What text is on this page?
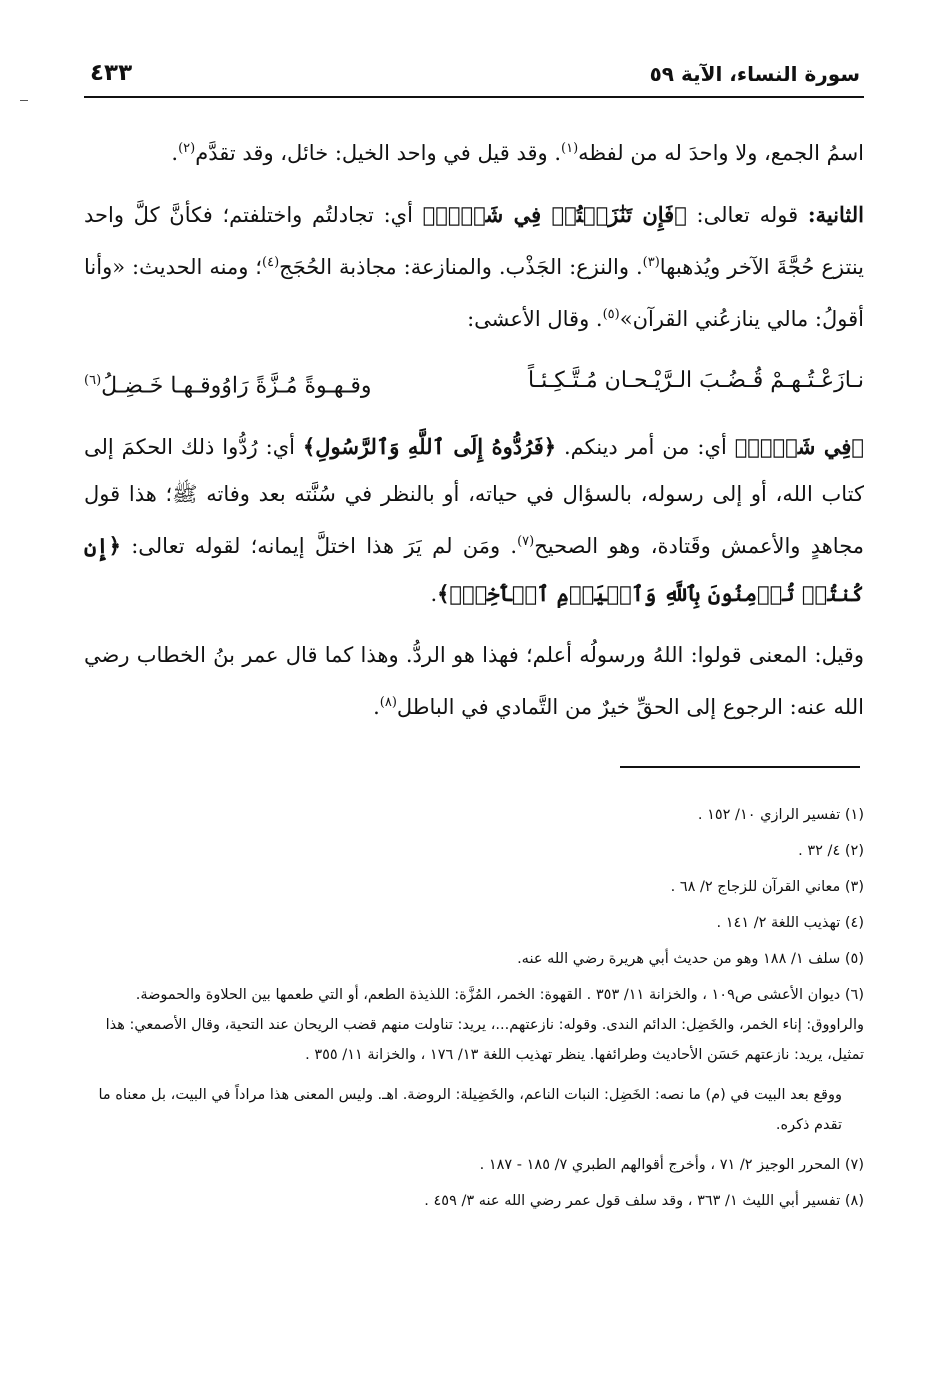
سورة النساء، الآية ٥٩
٤٣٣

اسمُ الجمع، ولا واحدَ له من لفظه$^{(١)}$. وقد قيل في واحد الخيل: خائل، وقد تقدَّم$^{(٢)}$.

الثانية: قوله تعالى: ﴿فَإِن تَنَٰزَعۡتُمۡ فِي شَيۡءٖ﴾ أي: تجادلتُم واختلفتم؛ فكأنَّ كلَّ واحد ينتزع حُجَّةَ الآخر ويُذهبها$^{(٣)}$. والنزع: الجَذْب. والمنازعة: مجاذبة الحُجَج$^{(٤)}$؛ ومنه الحديث: «وأنا أقولُ: مالي ينازعُني القرآن»$^{(٥)}$. وقال الأعشى:

نـازَعْـتُـهـمْ قُـضُـبَ الـرَّيْـحـان مُـتَّـكِـئـاً
وقـهـوةً مُـزَّةً رَاوُوقـهـا خَـضِـلُ$^{(٦)}$

﴿فِي شَيۡءٖ﴾ أي: من أمر دينكم. ﴿فَرُدُّوهُ إِلَى ٱللَّهِ وَٱلرَّسُولِ﴾ أي: رُدُّوا ذلك الحكمَ إلى كتاب الله، أو إلى رسوله، بالسؤال في حياته، أو بالنظر في سُنَّته بعد وفاته ﷺ؛ هذا قول مجاهدٍ والأعمش وقَتادة، وهو الصحيح$^{(٧)}$. ومَن لم يَرَ هذا اختلَّ إيمانه؛ لقوله تعالى: ﴿إِن كُنتُمۡ تُؤۡمِنُونَ بِٱللَّهِ وَٱلۡيَوۡمِ ٱلۡأٓخِرِۚ﴾.

وقيل: المعنى قولوا: اللهُ ورسولُه أعلم؛ فهذا هو الردُّ. وهذا كما قال عمر بنُ الخطاب رضي الله عنه: الرجوع إلى الحقِّ خيرٌ من التَّمادي في الباطل$^{(٨)}$.

(١) تفسير الرازي ١٠/ ١٥٢ .
(٢) ٤/ ٣٢ .
(٣) معاني القرآن للزجاج ٢/ ٦٨ .
(٤) تهذيب اللغة ٢/ ١٤١ .
(٥) سلف ١/ ١٨٨ وهو من حديث أبي هريرة رضي الله عنه.
(٦) ديوان الأعشى ص١٠٩ ، والخزانة ١١/ ٣٥٣ . القهوة: الخمر، المُزَّة: اللذيذة الطعم، أو التي طعمها بين الحلاوة والحموضة. والراووق: إناء الخمر، والخَضِل: الدائم الندى. وقوله: نازعتهم...، يريد: تناولت منهم قضب الريحان عند التحية، وقال الأصمعي: هذا تمثيل، يريد: نازعتهم حَسَن الأحاديث وطرائفها. ينظر تهذيب اللغة ١٣/ ١٧٦ ، والخزانة ١١/ ٣٥٥ .
ووقع بعد البيت في (م) ما نصه: الخَضِل: النبات الناعم، والخَضِيلة: الروضة. اهـ. وليس المعنى هذا مراداً في البيت، بل معناه ما تقدم ذكره.
(٧) المحرر الوجيز ٢/ ٧١ ، وأخرج أقوالهم الطبري ٧/ ١٨٥ - ١٨٧ .
(٨) تفسير أبي الليث ١/ ٣٦٣ ، وقد سلف قول عمر رضي الله عنه ٣/ ٤٥٩ .
